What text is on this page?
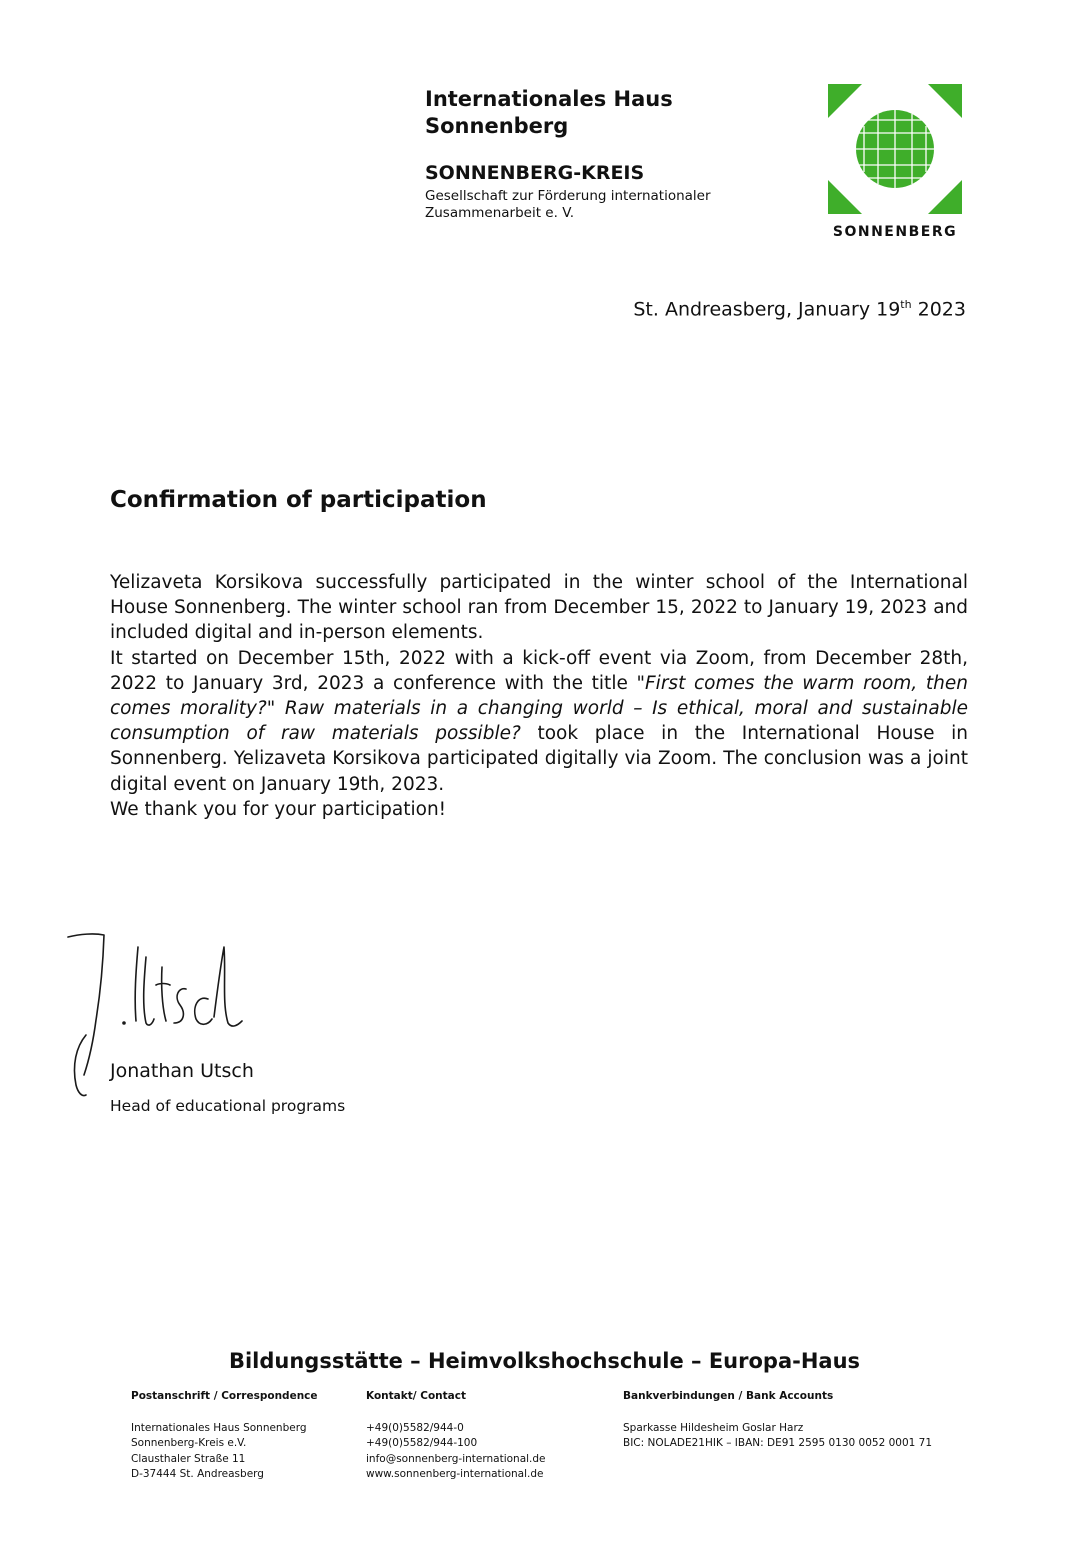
Internationales Haus
Sonnenberg
SONNENBERG-KREIS
Gesellschaft zur Förderung internationaler
Zusammenarbeit e. V.
SONNENBERG
St. Andreasberg, January 19th 2023
Confirmation of participation

Yelizaveta Korsikova successfully participated in the winter school of the International House Sonnenberg. The winter school ran from December 15, 2022 to January 19, 2023 and included digital and in-person elements.

It started on December 15th, 2022 with a kick-off event via Zoom, from December 28th, 2022 to January 3rd, 2023 a conference with the title "First comes the warm room, then comes morality?" Raw materials in a changing world – Is ethical, moral and sustainable consumption of raw materials possible? took place in the International House in Sonnenberg. Yelizaveta Korsikova participated digitally via Zoom. The conclusion was a joint digital event on January 19th, 2023.

We thank you for your participation!

Jonathan Utsch
Head of educational programs
Bildungsstätte – Heimvolkshochschule – Europa-Haus
Postanschrift / Correspondence
Internationales Haus Sonnenberg
Sonnenberg-Kreis e.V.
Clausthaler Straße 11
D-37444 St. Andreasberg
Kontakt/ Contact
+49(0)5582/944-0
+49(0)5582/944-100
info@sonnenberg-international.de
www.sonnenberg-international.de
Bankverbindungen / Bank Accounts
Sparkasse Hildesheim Goslar Harz
BIC: NOLADE21HIK – IBAN: DE91 2595 0130 0052 0001 71
